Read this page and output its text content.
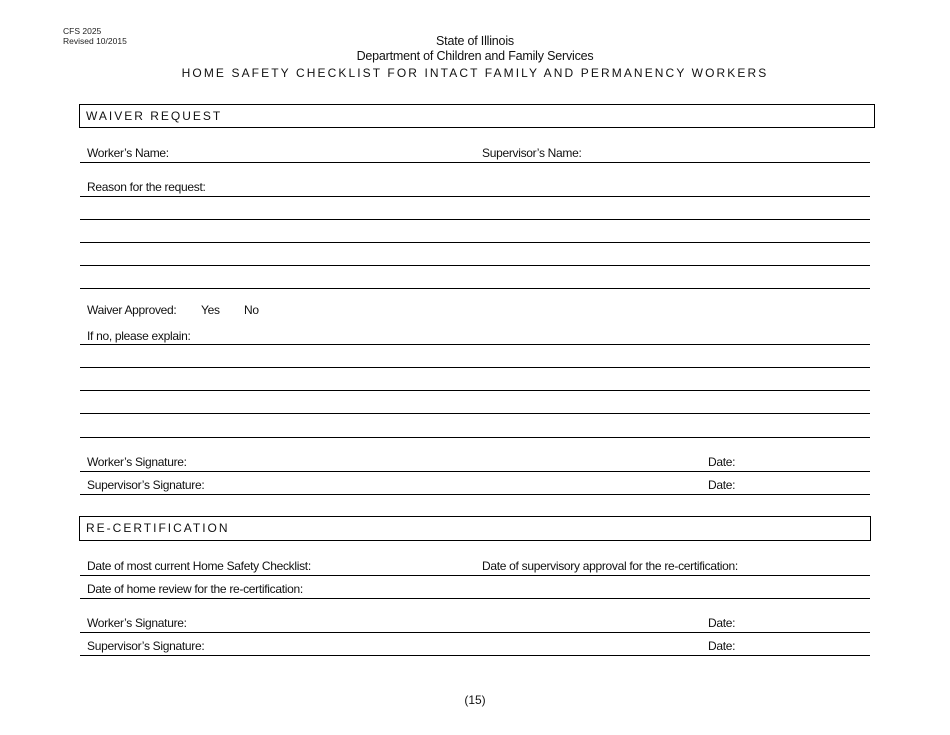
CFS 2025
Revised 10/2015	State of Illinois
Department of Children and Family Services
HOME SAFETY CHECKLIST FOR INTACT FAMILY AND PERMANENCY WORKERS
WAIVER REQUEST
Worker’s Name:	Supervisor’s Name:
Reason for the request:
Waiver Approved: Yes No
If no, please explain:
Worker’s Signature:	Date:
Supervisor’s Signature:	Date:
RE-CERTIFICATION
Date of most current Home Safety Checklist:	Date of supervisory approval for the re-certification:
Date of home review for the re-certification:
Worker’s Signature:	Date:
Supervisor’s Signature:	Date:
(15)
